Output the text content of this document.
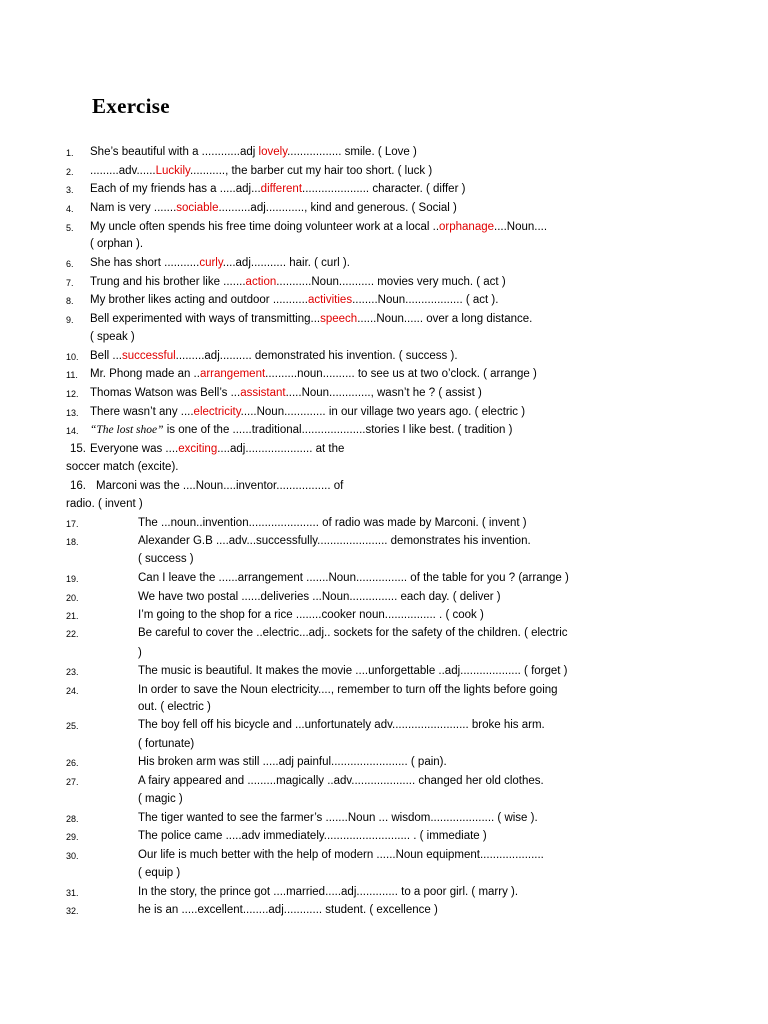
Exercise
1. She’s beautiful with a ............adj lovely................. smile. ( Love )
2. .........adv......Luckily..........., the barber cut my hair too short. ( luck )
3. Each of my friends has a .....adj...different..................... character. ( differ )
4. Nam is very .......sociable..........adj............, kind and generous. ( Social )
5. My uncle often spends his free time doing volunteer work at a local ..orphanage....Noun....
( orphan ).
6. She has short ...........curly....adj........... hair. ( curl ).
7. Trung and his brother like .......action...........Noun........... movies very much. ( act )
8. My brother likes acting and outdoor ...........activities........Noun.................. ( act ).
9. Bell experimented with ways of transmitting...speech......Noun...... over a long distance.
( speak )
10. Bell ...successful.........adj.......... demonstrated his invention. ( success ).
11. Mr. Phong made an ..arrangement..........noun.......... to see us at two o’clock. ( arrange )
12. Thomas Watson was Bell’s ...assistant.....Noun............., wasn’t he ? ( assist )
13. There wasn’t any ....electricity.....Noun............. in our village two years ago. ( electric )
14. “The lost shoe” is one of the ......traditional....................stories I like best. ( tradition )
15. Everyone was ....exciting....adj..................... at the
soccer match (excite).
16. Marconi was the ....Noun....inventor................. of
radio. ( invent )
17.	The ...noun..invention...................... of radio was made by Marconi. ( invent )
18.	Alexander G.B ....adv...successfully...................... demonstrates his invention.
( success )
19.	Can I leave the ......arrangement .......Noun................ of the table for you ? (arrange )
20.	We have two postal ......deliveries ...Noun............... each day. ( deliver )
21.	I’m going to the shop for a rice ........cooker noun................ . ( cook )
22.	Be careful to cover the ..electric...adj.. sockets for the safety of the children. ( electric
)
23.	The music is beautiful. It makes the movie ....unforgettable ..adj................... ( forget )
24.	In order to save the Noun electricity...., remember to turn off the lights before going
out. ( electric )
25.	The boy fell off his bicycle and ...unfortunately adv........................ broke his arm.
( fortunate)
26.	His broken arm was still .....adj painful........................ ( pain).
27.	A fairy appeared and .........magically ..adv.................... changed her old clothes.
( magic )
28.	The tiger wanted to see the farmer’s .......Noun ... wisdom.................... ( wise ).
29.	The police came .....adv immediately........................... . ( immediate )
30.	Our life is much better with the help of modern ......Noun equipment....................
( equip )
31.	In the story, the prince got ....married.....adj............. to a poor girl. ( marry ).
32.	he is an .....excellent........adj............ student. ( excellence )
